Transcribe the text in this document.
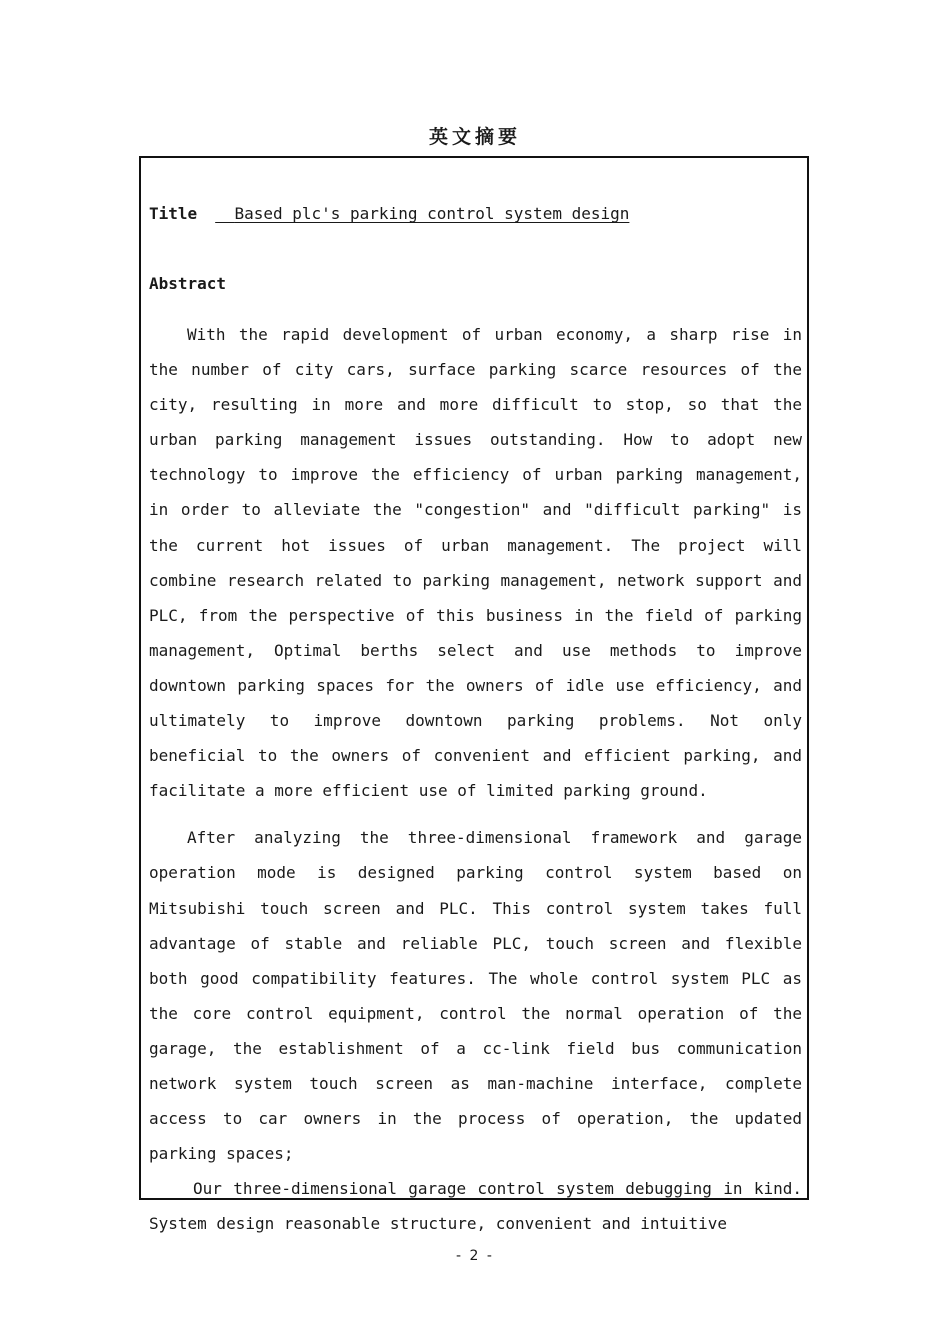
英文摘要
Title Based plc's parking control system design
Abstract

With the rapid development of urban economy, a sharp rise in the number of city cars, surface parking scarce resources of the city, resulting in more and more difficult to stop, so that the urban parking management issues outstanding. How to adopt new technology to improve the efficiency of urban parking management, in order to alleviate the "congestion" and "difficult parking" is the current hot issues of urban management. The project will combine research related to parking management, network support and PLC, from the perspective of this business in the field of parking management, Optimal berths select and use methods to improve downtown parking spaces for the owners of idle use efficiency, and ultimately to improve downtown parking problems. Not only beneficial to the owners of convenient and efficient parking, and facilitate a more efficient use of limited parking ground.

After analyzing the three-dimensional framework and garage operation mode is designed parking control system based on Mitsubishi touch screen and PLC. This control system takes full advantage of stable and reliable PLC, touch screen and flexible both good compatibility features. The whole control system PLC as the core control equipment, control the normal operation of the garage, the establishment of a cc-link field bus communication network system touch screen as man-machine interface, complete access to car owners in the process of operation, the updated parking spaces;

Our three-dimensional garage control system debugging in kind. System design reasonable structure, convenient and intuitive

- 2 -
